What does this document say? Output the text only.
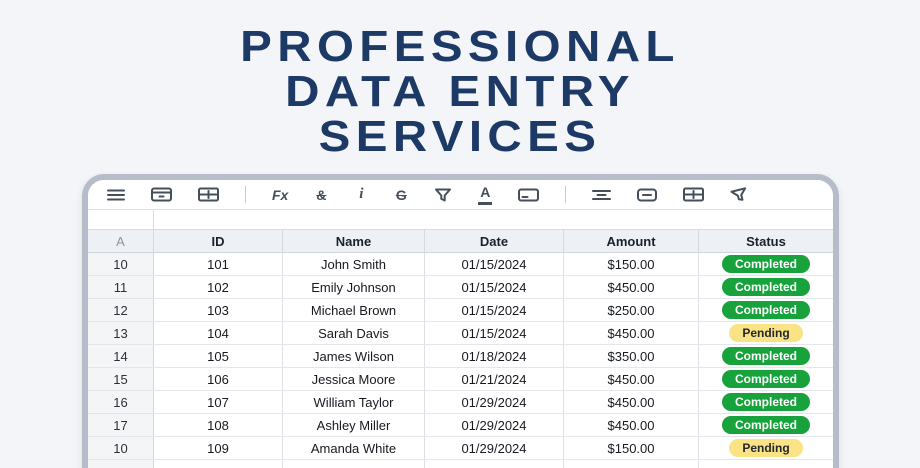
PROFESSIONAL
DATA ENTRY
SERVICES
Fx &	i	G	A
A	ID	Name	Date	Amount	Status
10	101	John Smith	01/15/2024	$150.00	Completed
11	102	Emily Johnson	01/15/2024	$450.00	Completed
12	103	Michael Brown	01/15/2024	$250.00	Completed
13	104	Sarah Davis	01/15/2024	$450.00	Pending
14	105	James Wilson	01/18/2024	$350.00	Completed
15	106	Jessica Moore	01/21/2024	$450.00	Completed
16	107	William Taylor	01/29/2024	$450.00	Completed
17	108	Ashley Miller	01/29/2024	$450.00	Completed
10	109	Amanda White	01/29/2024	$150.00	Pending
